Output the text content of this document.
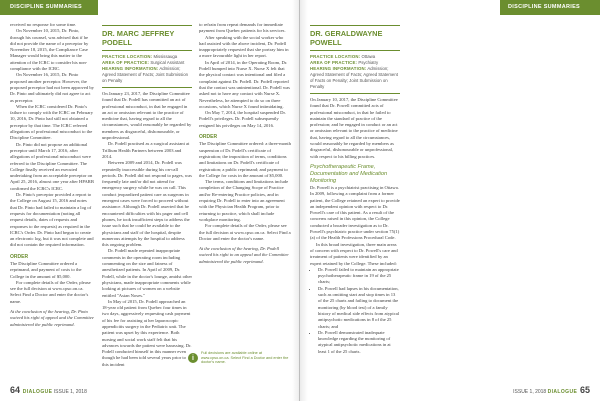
DISCIPLINE SUMMARIES

received no response for some time.

On November 10, 2015, Dr. Pinto, through his counsel, was advised that if he did not provide the name of a preceptor by November 18, 2015, the Compliance Case Manager would bring this matter to the attention of the ICRC to consider his non-compliance with the ICRC.

On November 16, 2015, Dr. Pinto proposed another preceptor. However, the proposed preceptor had not been approved by Dr. Pinto and ultimately did not agree to act as preceptor.

When the ICRC considered Dr. Pinto's failure to comply with the ICRC on February 10, 2016, Dr. Pinto had still not obtained a preceptor by that time. The ICRC referred allegations of professional misconduct to the Discipline Committee.

Dr. Pinto did not propose an additional preceptor until March 17, 2016, after allegations of professional misconduct were referred to the Discipline Committee. The College finally received an executed undertaking from an acceptable preceptor on April 25, 2016, almost one year after HPARB confirmed the ICRC's ICRC.

Dr. Pinto's preceptor provided a report to the College on August 15, 2016 and notes that Dr. Pinto had failed to maintain a log of requests for documentation (noting all request details, dates of requests and responses to the requests) as required in the ICRC's Order. Dr. Pinto had begun to create an electronic log, but it was not complete and did not contain the required information.

ORDER

The Discipline Committee ordered a reprimand, and payment of costs to the College in the amount of $5,000.

For complete details of the Order, please see the full decision at www.cpso.on.ca. Select Find a Doctor and enter the doctor's name.

At the conclusion of the hearing, Dr. Pinto waived his right of appeal and the Committee administered the public reprimand.

DR. MARC JEFFREY PODELL
PRACTICE LOCATION: Mississauga
AREA OF PRACTICE: Surgical Assistant
HEARING INFORMATION: Admission; Agreed Statement of Facts; Joint Submission on Penalty

On January 23, 2017, the Discipline Committee found that Dr. Podell has committed an act of professional misconduct, in that he engaged in an act or omission relevant to the practice of medicine that, having regard to all the circumstances, would reasonably be regarded by members as disgraceful, dishonourable, or unprofessional.

Dr. Podell practised as a surgical assistant at Trillium Health Partners between 2003 and 2014.

Between 2009 and 2014, Dr. Podell was repeatedly inaccessible during his on-call periods. Dr. Podell did not respond to pages, was frequently late and/or did not attend for emergency surgery while he was on call. This conduct jeopardized patient care as surgeons in emergent cases were forced to proceed without assistance. Although Dr. Podell asserted that he encountered difficulties with his pager and cell phones, he took insufficient steps to address the issue such that he could be available to the physicians and staff of the hospital, despite numerous attempts by the hospital to address this ongoing problem.

Dr. Podell made repeated inappropriate comments in the operating room including commenting on the size and fatness of anesthetized patients. In April of 2009, Dr. Podell, while in the doctor's lounge, amidst other physicians, made inappropriate comments while looking at pictures of women on a website entitled "Asian Noses."

In May of 2015, Dr. Podell approached an 18-year old patient from Quebec four times in two days, aggressively requesting cash payment of his fee for assisting at her laparoscopic appendicitis surgery in the Pediatric unit. The patient was upset by this experience. Both nursing and social work staff felt that his advances towards the patient were harassing. Dr. Podell conducted himself in this manner even though he had been told several years prior to this incident

to refrain from repeat demands for immediate payment from Quebec patients for his services.

After speaking with the social worker who had assisted with the above incident, Dr. Podell inappropriately requested that she portray him in a more favourable light in her report.

In April of 2014, in the Operating Room, Dr. Podell bumped into Nurse X. Nurse X felt that the physical contact was intentional and filed a complaint against Dr. Podell. Dr. Podell reported that the contact was unintentional. Dr. Podell was asked not to have any contact with Nurse X. Nevertheless, he attempted to do so on three occasions, which Nurse X found intimidating.

On May 7, 2014, the hospital suspended Dr. Podell's privileges. Dr. Podell subsequently resigned his privileges on May 14, 2016.

ORDER

The Discipline Committee ordered: a three-month suspension of Dr. Podell's certificate of registration; the imposition of terms, conditions and limitations on Dr. Podell's certificate of registration; a public reprimand; and payment to the College for costs in the amount of $5,000.

The terms, conditions and limitations include completion of the Changing Scope of Practice and/or Re-entering Practice policies, and in requiring Dr. Podell to enter into an agreement with the Physician Health Program, prior to returning to practice, which shall include workplace monitoring.

For complete details of the Order, please see the full decision at www.cpso.on.ca. Select Find a Doctor and enter the doctor's name.

At the conclusion of the hearing, Dr. Podell waived his right to an appeal and the Committee administered the public reprimand.

i
Full decisions are available online at www.cpso.on.ca. Select Find a Doctor and enter the doctor's name.
64 DIALOGUE ISSUE 1, 2018
DISCIPLINE SUMMARIES
DR. GERALDWAYNE POWELL
PRACTICE LOCATION: Ottawa
AREA OF PRACTICE: Psychiatry
HEARING INFORMATION: Admission; Agreed Statement of Facts; Agreed Statement of Facts on Penalty; Joint Submission on Penalty

On January 10, 2017, the Discipline Committee found that Dr. Powell committed acts of professional misconduct, in that he failed to maintain the standard of practice of the profession; and he engaged in conduct or an act or omission relevant to the practice of medicine that, having regard to all the circumstances, would reasonably be regarded by members as disgraceful, dishonourable or unprofessional, with respect to his billing practices.

Psychotherapeutic Frame, Documentation and Medication Monitoring

Dr. Powell is a psychiatrist practising in Ottawa. In 2009, following a complaint from a former patient, the College retained an expert to provide an independent opinion with respect to Dr. Powell's care of this patient. As a result of the concerns raised in this opinion, the College conducted a broader investigation as to Dr. Powell's psychiatric practice under section 75(1)(a) of the Health Professions Procedural Code.

In this broad investigation, three main areas of concern with respect to Dr. Powell's care and treatment of patients were identified by an expert retained by the College. These included:

• Dr. Powell failed to maintain an appropriate psychotherapeutic frame in 19 of the 25 charts;
• Dr. Powell had lapses in his documentation, such as omitting start and stop times in 13 of the 25 charts and failing to document the monitoring (by blood test) of a family history of medical side effects from atypical antipsychotic medications in 8 of the 25 charts; and
• Dr. Powell demonstrated inadequate knowledge regarding the monitoring of atypical antipsychotic medications in at least 1 of the 25 charts.
ISSUE 1, 2018 DIALOGUE 65
